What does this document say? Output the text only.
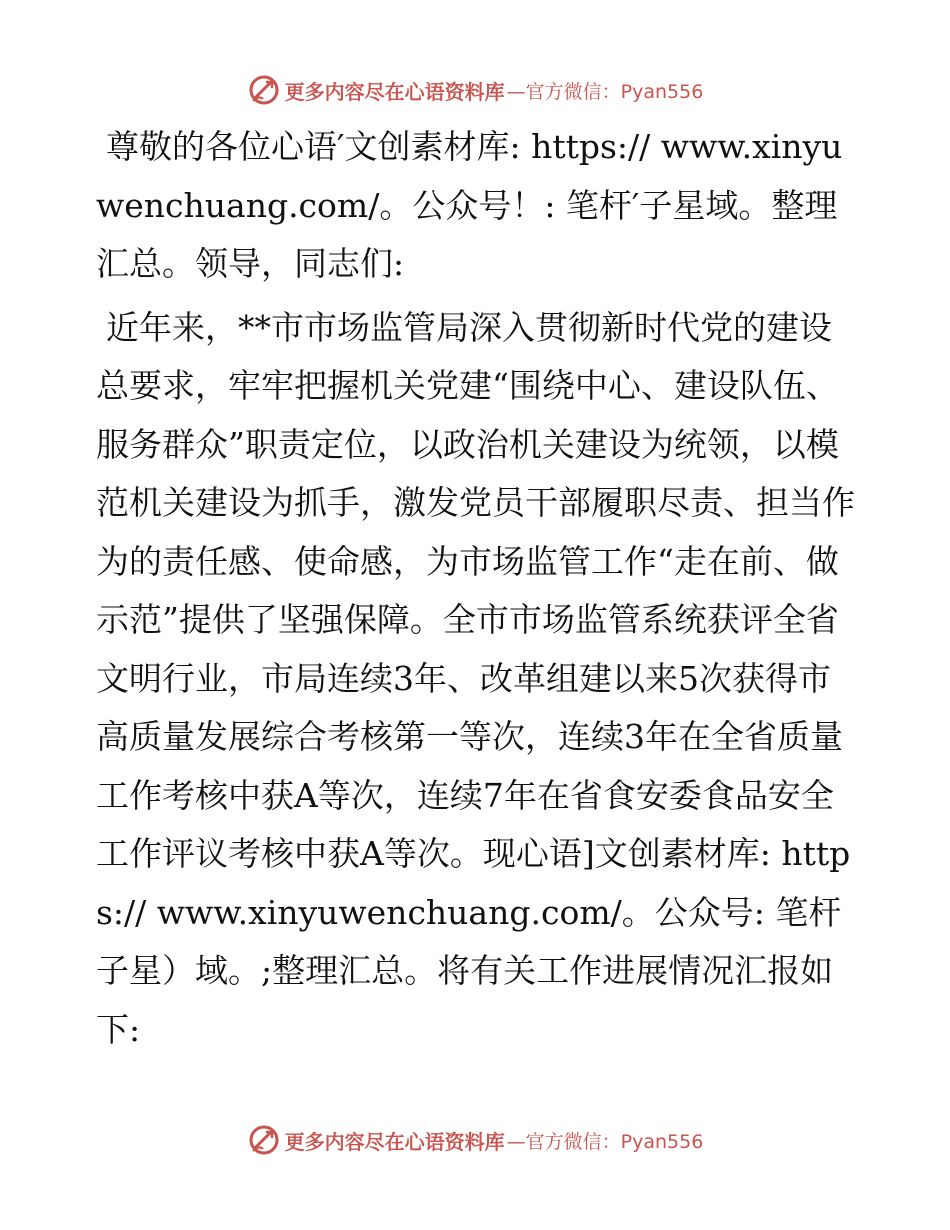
更多内容尽在心语资料库 —官方微信：Pyan556

尊敬的各位心语′文创素材库: https:// www.xinyuwenchuang.com/。公众号！: 笔杆′子星域。整理汇总。领导，同志们:

近年来，**市市场监管局深入贯彻新时代党的建设总要求，牢牢把握机关党建“围绕中心、建设队伍、服务群众”职责定位，以政治机关建设为统领，以模范机关建设为抓手，激发党员干部履职尽责、担当作为的责任感、使命感，为市场监管工作“走在前、做示范”提供了坚强保障。全市市场监管系统获评全省文明行业，市局连续3年、改革组建以来5次获得市高质量发展综合考核第一等次，连续3年在全省质量工作考核中获A等次，连续7年在省食安委食品安全工作评议考核中获A等次。现心语]文创素材库: https:// www.xinyuwenchuang.com/。公众号: 笔杆子星）域。;整理汇总。将有关工作进展情况汇报如下:

更多内容尽在心语资料库 —官方微信：Pyan556
